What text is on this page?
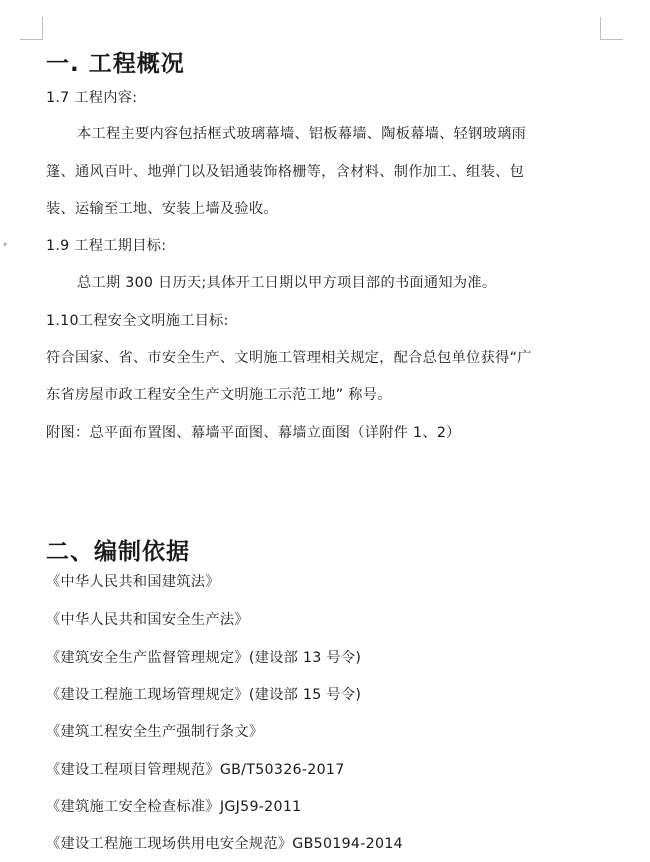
▾
一. 工程概况

1.7 工程内容:

本工程主要内容包括框式玻璃幕墙、铝板幕墙、陶板幕墙、轻钢玻璃雨

篷、通风百叶、地弹门以及铝通装饰格栅等，含材料、制作加工、组装、包

装、运输至工地、安装上墙及验收。

1.9 工程工期目标:

总工期 300 日历天;具体开工日期以甲方项目部的书面通知为准。

1.10工程安全文明施工目标:

符合国家、省、市安全生产、文明施工管理相关规定，配合总包单位获得“广

东省房屋市政工程安全生产文明施工示范工地” 称号。

附图：总平面布置图、幕墙平面图、幕墙立面图（详附件 1、2）

二、编制依据

《中华人民共和国建筑法》

《中华人民共和国安全生产法》

《建筑安全生产监督管理规定》(建设部 13 号令)

《建设工程施工现场管理规定》(建设部 15 号令)

《建筑工程安全生产强制行条文》

《建设工程项目管理规范》GB/T50326-2017

《建筑施工安全检查标准》JGJ59-2011

《建设工程施工现场供用电安全规范》GB50194-2014
